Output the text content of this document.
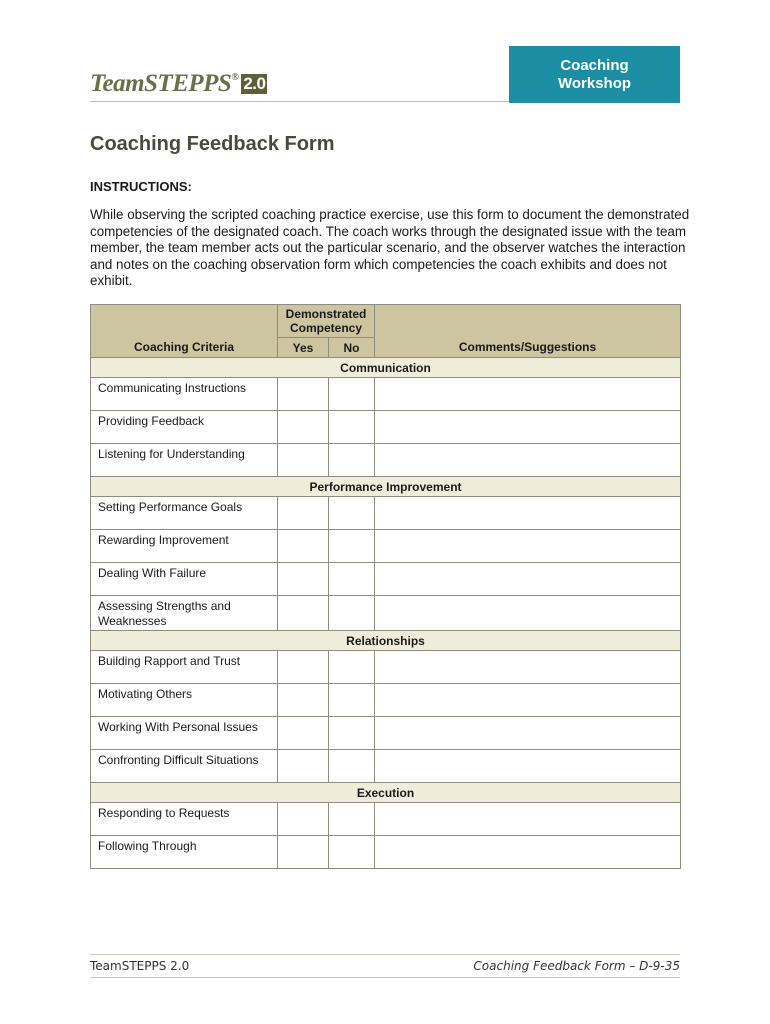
TeamSTEPPS® 2.0
Coaching
Workshop
Coaching Feedback Form
INSTRUCTIONS:
While observing the scripted coaching practice exercise, use this form to document the demonstrated competencies of the designated coach. The coach works through the designated issue with the team member, the team member acts out the particular scenario, and the observer watches the interaction and notes on the coaching observation form which competencies the coach exhibits and does not exhibit.
Coaching Criteria	Demonstrated Competency		Comments/Suggestions
	Yes	No	
Communication			
Communicating Instructions			
Providing Feedback			
Listening for Understanding			
Performance Improvement			
Setting Performance Goals			
Rewarding Improvement			
Dealing With Failure			
Assessing Strengths and Weaknesses			
Relationships			
Building Rapport and Trust			
Motivating Others			
Working With Personal Issues			
Confronting Difficult Situations			
Execution			
Responding to Requests			
Following Through			
TeamSTEPPS 2.0	Coaching Feedback Form – D-9-35
